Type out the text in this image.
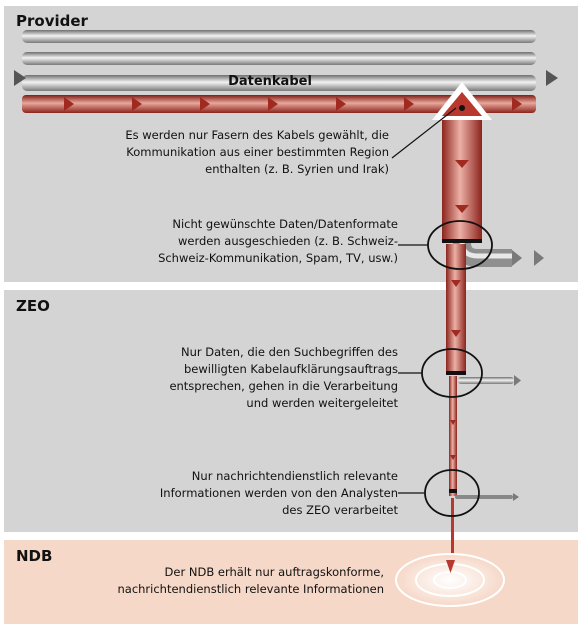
Provider
ZEO
NDB
Datenkabel
Es werden nur Fasern des Kabels gewählt, die
Kommunikation aus einer bestimmten Region
enthalten (z. B. Syrien und Irak)
Nicht gewünschte Daten/Datenformate
werden ausgeschieden (z. B. Schweiz-
Schweiz-Kommunikation, Spam, TV, usw.)
Nur Daten, die den Suchbegriffen des
bewilligten Kabelaufklärungsauftrags
entsprechen, gehen in die Verarbeitung
und werden weitergeleitet
Nur nachrichtendienstlich relevante
Informationen werden von den Analysten
des ZEO verarbeitet
Der NDB erhält nur auftragskonforme,
nachrichtendienstlich relevante Informationen
